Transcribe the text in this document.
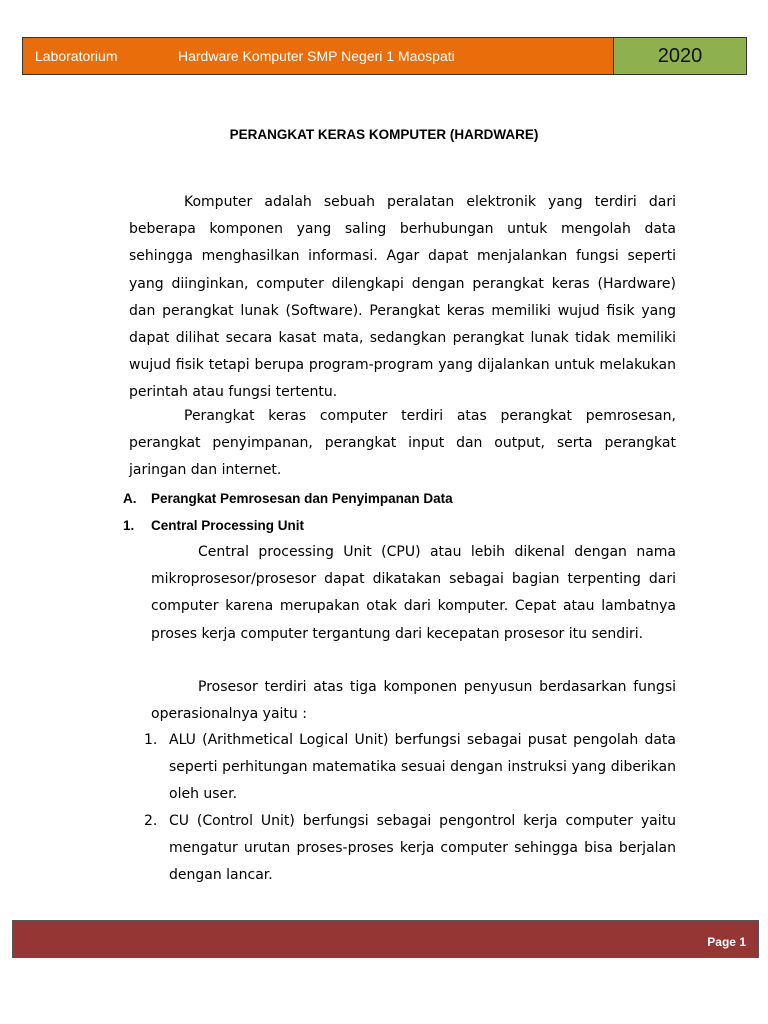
Laboratorium	Hardware Komputer SMP Negeri 1 Maospati	2020
PERANGKAT KERAS KOMPUTER (HARDWARE)
Komputer adalah sebuah peralatan elektronik yang terdiri dari beberapa komponen yang saling berhubungan untuk mengolah data sehingga menghasilkan informasi. Agar dapat menjalankan fungsi seperti yang diinginkan, computer dilengkapi dengan perangkat keras (Hardware) dan perangkat lunak (Software). Perangkat keras memiliki wujud fisik yang dapat dilihat secara kasat mata, sedangkan perangkat lunak tidak memiliki wujud fisik tetapi berupa program-program yang dijalankan untuk melakukan perintah atau fungsi tertentu.
Perangkat keras computer terdiri atas perangkat pemrosesan, perangkat penyimpanan, perangkat input dan output, serta perangkat jaringan dan internet.
A. Perangkat Pemrosesan dan Penyimpanan Data
1. Central Processing Unit
Central processing Unit (CPU) atau lebih dikenal dengan nama mikroprosesor/prosesor dapat dikatakan sebagai bagian terpenting dari computer karena merupakan otak dari komputer. Cepat atau lambatnya proses kerja computer tergantung dari kecepatan prosesor itu sendiri.
Prosesor terdiri atas tiga komponen penyusun berdasarkan fungsi operasionalnya yaitu :
1. ALU (Arithmetical Logical Unit) berfungsi sebagai pusat pengolah data seperti perhitungan matematika sesuai dengan instruksi yang diberikan oleh user.
2. CU (Control Unit) berfungsi sebagai pengontrol kerja computer yaitu mengatur urutan proses-proses kerja computer sehingga bisa berjalan dengan lancar.
Page 1
